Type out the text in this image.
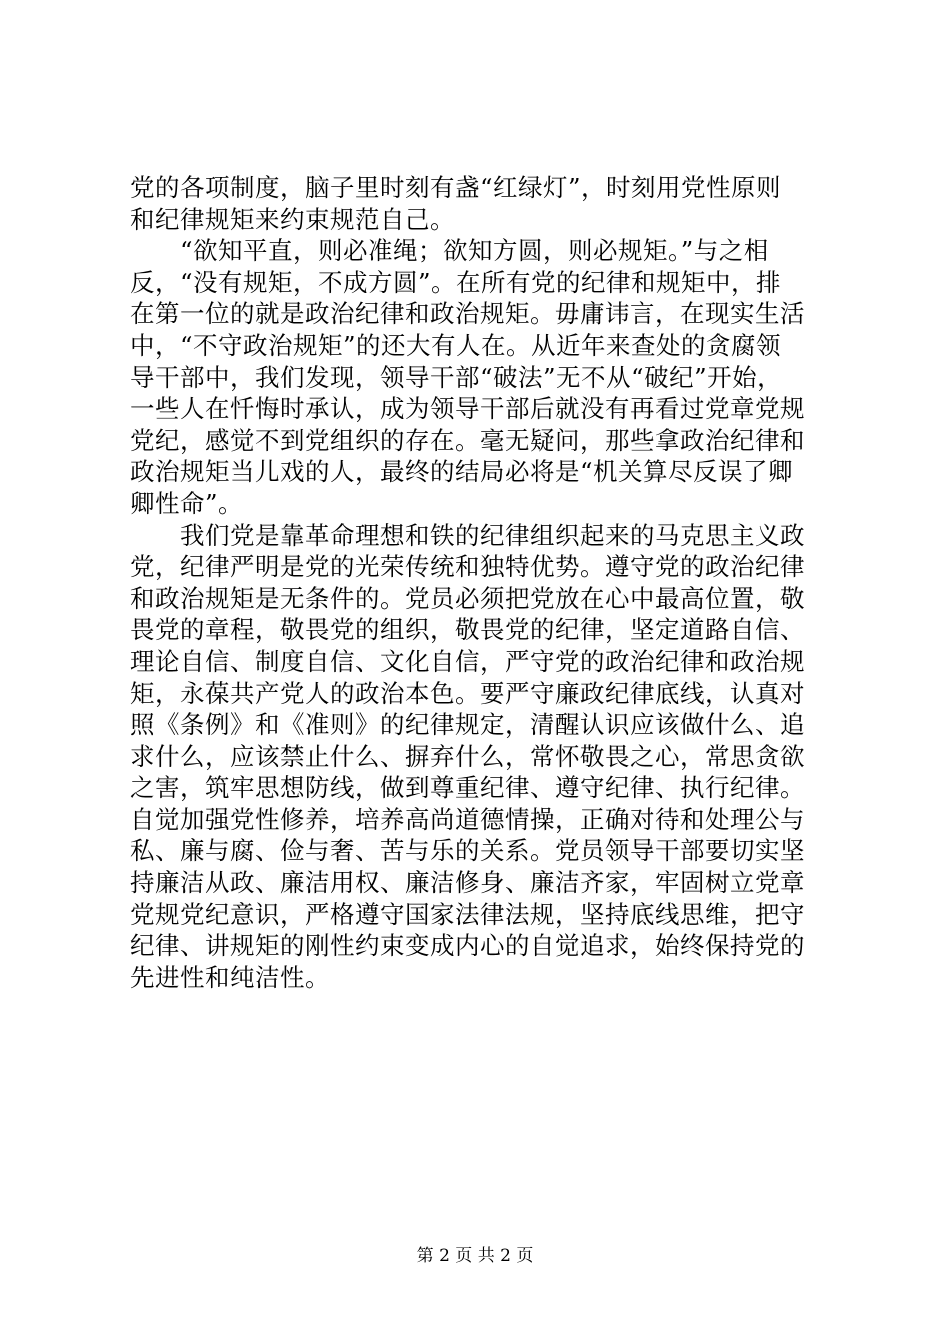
党的各项制度，脑子里时刻有盏“红绿灯”，时刻用党性原则
和纪律规矩来约束规范自己。
　　“欲知平直，则必准绳；欲知方圆，则必规矩。”与之相
反，“没有规矩，不成方圆”。在所有党的纪律和规矩中，排
在第一位的就是政治纪律和政治规矩。毋庸讳言，在现实生活
中，“不守政治规矩”的还大有人在。从近年来查处的贪腐领
导干部中，我们发现，领导干部“破法”无不从“破纪”开始，
一些人在忏悔时承认，成为领导干部后就没有再看过党章党规
党纪，感觉不到党组织的存在。毫无疑问，那些拿政治纪律和
政治规矩当儿戏的人，最终的结局必将是“机关算尽反误了卿
卿性命”。
　　我们党是靠革命理想和铁的纪律组织起来的马克思主义政
党，纪律严明是党的光荣传统和独特优势。遵守党的政治纪律
和政治规矩是无条件的。党员必须把党放在心中最高位置，敬
畏党的章程，敬畏党的组织，敬畏党的纪律，坚定道路自信、
理论自信、制度自信、文化自信，严守党的政治纪律和政治规
矩，永葆共产党人的政治本色。要严守廉政纪律底线，认真对
照《条例》和《准则》的纪律规定，清醒认识应该做什么、追
求什么，应该禁止什么、摒弃什么，常怀敬畏之心，常思贪欲
之害，筑牢思想防线，做到尊重纪律、遵守纪律、执行纪律。
自觉加强党性修养，培养高尚道德情操，正确对待和处理公与
私、廉与腐、俭与奢、苦与乐的关系。党员领导干部要切实坚
持廉洁从政、廉洁用权、廉洁修身、廉洁齐家，牢固树立党章
党规党纪意识，严格遵守国家法律法规，坚持底线思维，把守
纪律、讲规矩的刚性约束变成内心的自觉追求，始终保持党的
先进性和纯洁性。
第 2 页 共 2 页
